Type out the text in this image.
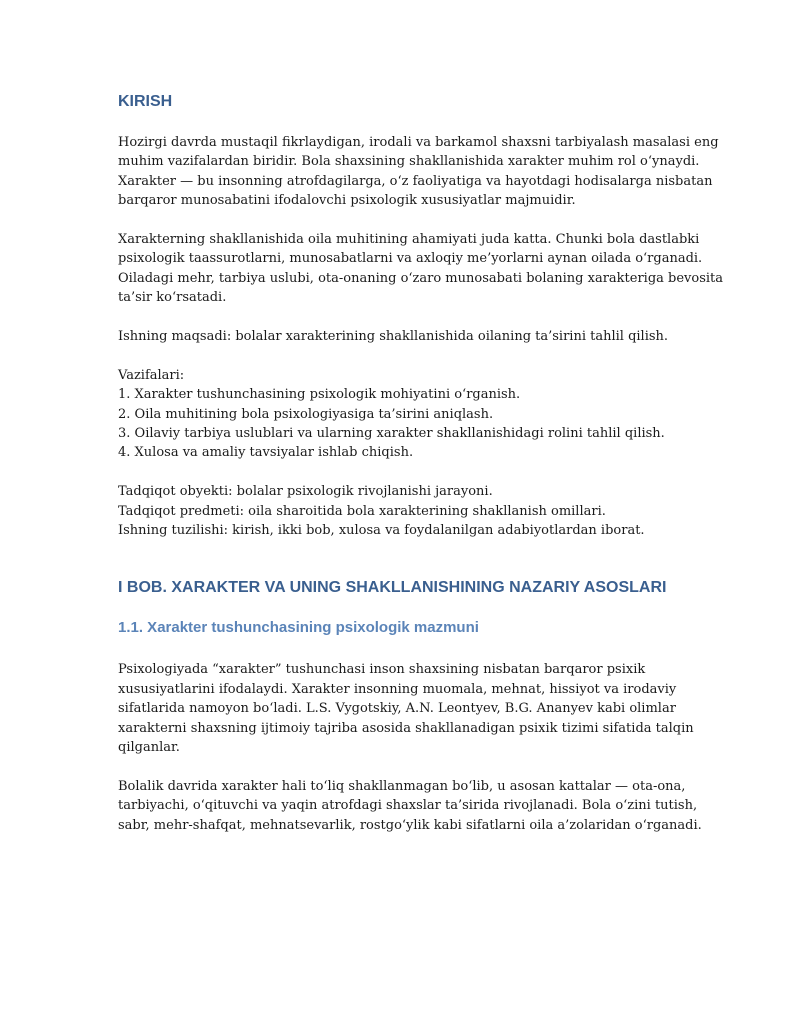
KIRISH

Hozirgi davrda mustaqil fikrlaydigan, irodali va barkamol shaxsni tarbiyalash masalasi eng
muhim vazifalardan biridir. Bola shaxsining shakllanishida xarakter muhim rol o‘ynaydi.
Xarakter — bu insonning atrofdagilarga, o‘z faoliyatiga va hayotdagi hodisalarga nisbatan
barqaror munosabatini ifodalovchi psixologik xususiyatlar majmuidir.

Xarakterning shakllanishida oila muhitining ahamiyati juda katta. Chunki bola dastlabki
psixologik taassurotlarni, munosabatlarni va axloqiy me’yorlarni aynan oilada o‘rganadi.
Oiladagi mehr, tarbiya uslubi, ota-onaning o‘zaro munosabati bolaning xarakteriga bevosita
ta’sir ko‘rsatadi.

Ishning maqsadi: bolalar xarakterining shakllanishida oilaning ta’sirini tahlil qilish.

Vazifalari:
1. Xarakter tushunchasining psixologik mohiyatini o‘rganish.
2. Oila muhitining bola psixologiyasiga ta’sirini aniqlash.
3. Oilaviy tarbiya uslublari va ularning xarakter shakllanishidagi rolini tahlil qilish.
4. Xulosa va amaliy tavsiyalar ishlab chiqish.

Tadqiqot obyekti: bolalar psixologik rivojlanishi jarayoni.
Tadqiqot predmeti: oila sharoitida bola xarakterining shakllanish omillari.
Ishning tuzilishi: kirish, ikki bob, xulosa va foydalanilgan adabiyotlardan iborat.

I BOB. XARAKTER VA UNING SHAKLLANISHINING NAZARIY ASOSLARI
1.1. Xarakter tushunchasining psixologik mazmuni

Psixologiyada “xarakter” tushunchasi inson shaxsining nisbatan barqaror psixik
xususiyatlarini ifodalaydi. Xarakter insonning muomala, mehnat, hissiyot va irodaviy
sifatlarida namoyon bo‘ladi. L.S. Vygotskiy, A.N. Leontyev, B.G. Ananyev kabi olimlar
xarakterni shaxsning ijtimoiy tajriba asosida shakllanadigan psixik tizimi sifatida talqin
qilganlar.

Bolalik davrida xarakter hali to‘liq shakllanmagan bo‘lib, u asosan kattalar — ota-ona,
tarbiyachi, o‘qituvchi va yaqin atrofdagi shaxslar ta’sirida rivojlanadi. Bola o‘zini tutish,
sabr, mehr-shafqat, mehnatsevarlik, rostgo‘ylik kabi sifatlarni oila a’zolaridan o‘rganadi.
